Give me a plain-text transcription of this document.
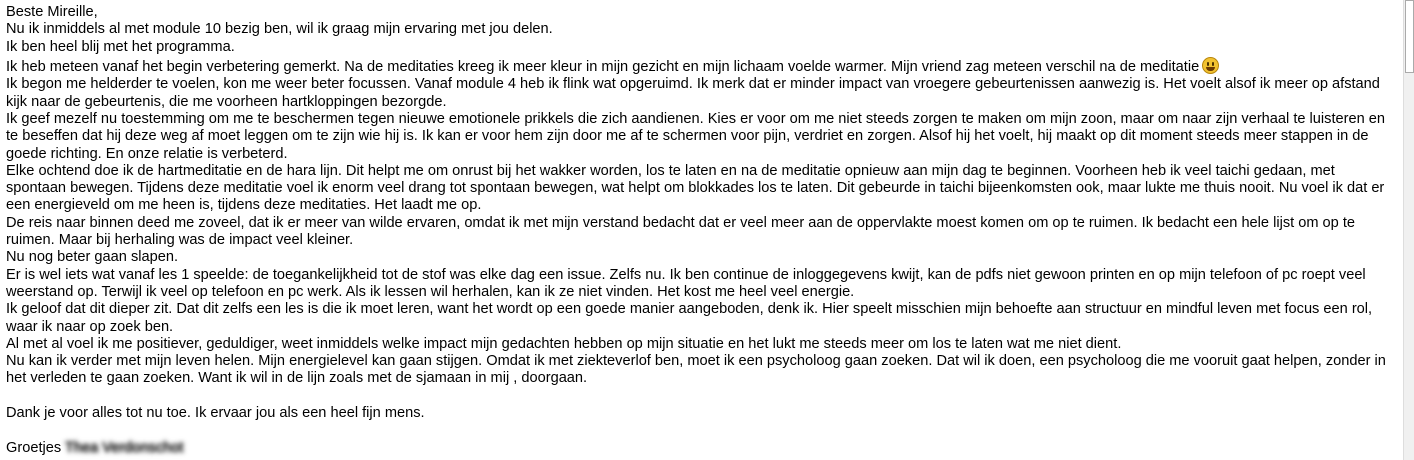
Beste Mireille,
Nu ik inmiddels al met module 10 bezig ben, wil ik graag mijn ervaring met jou delen.
Ik ben heel blij met het programma.
Ik heb meteen vanaf het begin verbetering gemerkt. Na de meditaties kreeg ik meer kleur in mijn gezicht en mijn lichaam voelde warmer. Mijn vriend zag meteen verschil na de meditatie
Ik begon me helderder te voelen, kon me weer beter focussen. Vanaf module 4 heb ik flink wat opgeruimd. Ik merk dat er minder impact van vroegere gebeurtenissen aanwezig is. Het voelt alsof ik meer op afstand
kijk naar de gebeurtenis, die me voorheen hartkloppingen bezorgde.
Ik geef mezelf nu toestemming om me te beschermen tegen nieuwe emotionele prikkels die zich aandienen. Kies er voor om me niet steeds zorgen te maken om mijn zoon, maar om naar zijn verhaal te luisteren en
te beseffen dat hij deze weg af moet leggen om te zijn wie hij is. Ik kan er voor hem zijn door me af te schermen voor pijn, verdriet en zorgen. Alsof hij het voelt, hij maakt op dit moment steeds meer stappen in de
goede richting. En onze relatie is verbeterd.
Elke ochtend doe ik de hartmeditatie en de hara lijn. Dit helpt me om onrust bij het wakker worden, los te laten en na de meditatie opnieuw aan mijn dag te beginnen. Voorheen heb ik veel taichi gedaan, met
spontaan bewegen. Tijdens deze meditatie voel ik enorm veel drang tot spontaan bewegen, wat helpt om blokkades los te laten. Dit gebeurde in taichi bijeenkomsten ook, maar lukte me thuis nooit. Nu voel ik dat er
een energieveld om me heen is, tijdens deze meditaties. Het laadt me op.
De reis naar binnen deed me zoveel, dat ik er meer van wilde ervaren, omdat ik met mijn verstand bedacht dat er veel meer aan de oppervlakte moest komen om op te ruimen. Ik bedacht een hele lijst om op te
ruimen. Maar bij herhaling was de impact veel kleiner.
Nu nog beter gaan slapen.
Er is wel iets wat vanaf les 1 speelde: de toegankelijkheid tot de stof was elke dag een issue. Zelfs nu. Ik ben continue de inloggegevens kwijt, kan de pdfs niet gewoon printen en op mijn telefoon of pc roept veel
weerstand op. Terwijl ik veel op telefoon en pc werk. Als ik lessen wil herhalen, kan ik ze niet vinden. Het kost me heel veel energie.
Ik geloof dat dit dieper zit. Dat dit zelfs een les is die ik moet leren, want het wordt op een goede manier aangeboden, denk ik. Hier speelt misschien mijn behoefte aan structuur en mindful leven met focus een rol,
waar ik naar op zoek ben.
Al met al voel ik me positiever, geduldiger, weet inmiddels welke impact mijn gedachten hebben op mijn situatie en het lukt me steeds meer om los te laten wat me niet dient.
Nu kan ik verder met mijn leven helen. Mijn energielevel kan gaan stijgen. Omdat ik met ziekteverlof ben, moet ik een psycholoog gaan zoeken. Dat wil ik doen, een psycholoog die me vooruit gaat helpen, zonder in
het verleden te gaan zoeken. Want ik wil in de lijn zoals met de sjamaan in mij , doorgaan.
Dank je voor alles tot nu toe. Ik ervaar jou als een heel fijn mens.
Groetjes Thea Verdonschot
